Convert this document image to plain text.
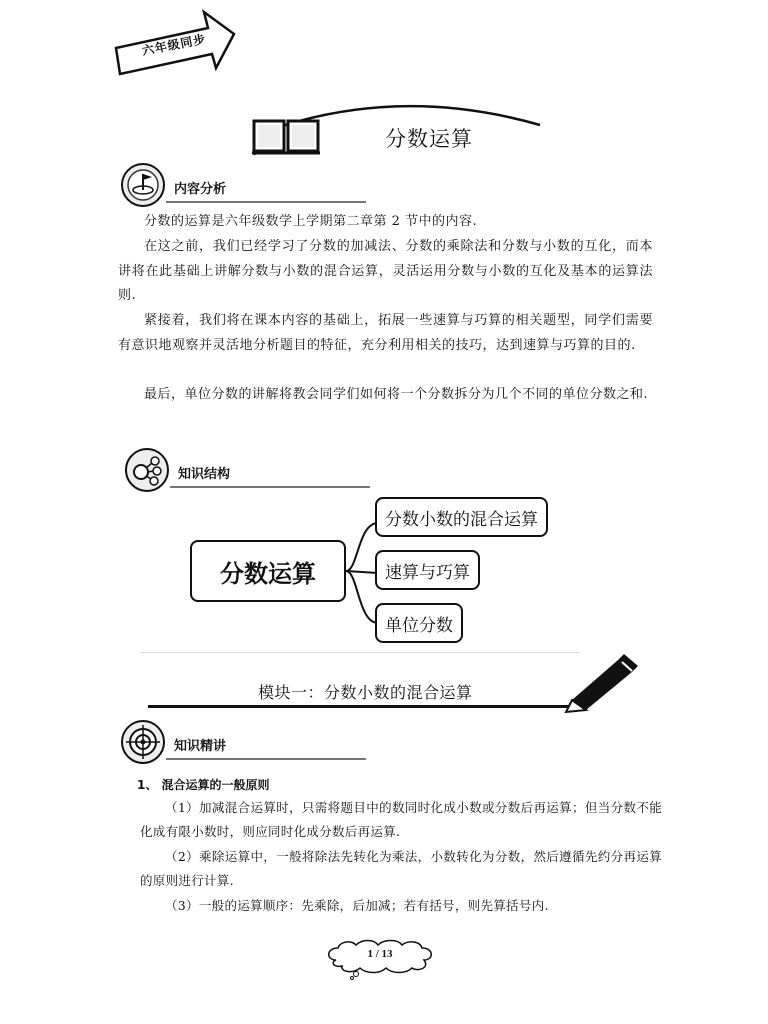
六年级同步
分数运算
内容分析
分数的运算是六年级数学上学期第二章第 2 节中的内容.
在这之前，我们已经学习了分数的加减法、分数的乘除法和分数与小数的互化，而本讲将在此基础上讲解分数与小数的混合运算，灵活运用分数与小数的互化及基本的运算法则.
紧接着，我们将在课本内容的基础上，拓展一些速算与巧算的相关题型，同学们需要有意识地观察并灵活地分析题目的特征，充分利用相关的技巧，达到速算与巧算的目的.
最后，单位分数的讲解将教会同学们如何将一个分数拆分为几个不同的单位分数之和.
知识结构
分数运算
分数小数的混合运算
速算与巧算
单位分数
模块一：分数小数的混合运算
知识精讲
1、 混合运算的一般原则
（1）加减混合运算时，只需将题目中的数同时化成小数或分数后再运算；但当分数不能化成有限小数时，则应同时化成分数后再运算.
（2）乘除运算中，一般将除法先转化为乘法，小数转化为分数，然后遵循先约分再运算的原则进行计算.
（3）一般的运算顺序：先乘除，后加减；若有括号，则先算括号内.
1 / 13
